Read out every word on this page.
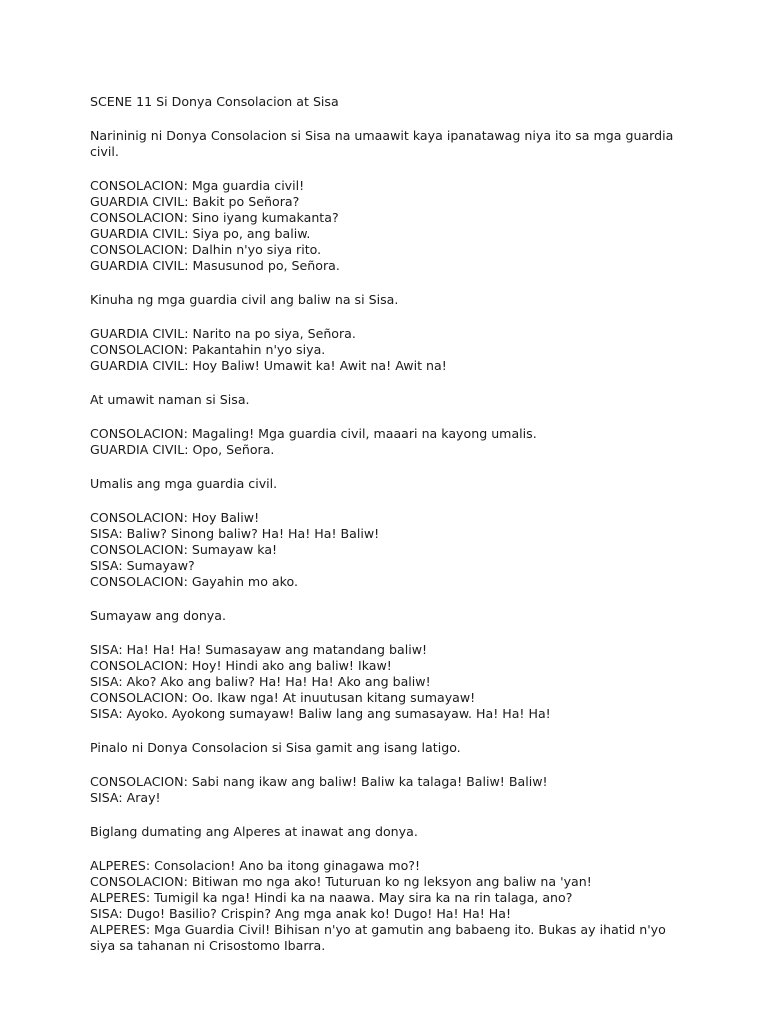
SCENE 11 Si Donya Consolacion at Sisa
Narininig ni Donya Consolacion si Sisa na umaawit kaya ipanatawag niya ito sa mga guardia
civil.
CONSOLACION: Mga guardia civil!
GUARDIA CIVIL: Bakit po Señora?
CONSOLACION: Sino iyang kumakanta?
GUARDIA CIVIL: Siya po, ang baliw.
CONSOLACION: Dalhin n'yo siya rito.
GUARDIA CIVIL: Masusunod po, Señora.
Kinuha ng mga guardia civil ang baliw na si Sisa.
GUARDIA CIVIL: Narito na po siya, Señora.
CONSOLACION: Pakantahin n'yo siya.
GUARDIA CIVIL: Hoy Baliw! Umawit ka! Awit na! Awit na!
At umawit naman si Sisa.
CONSOLACION: Magaling! Mga guardia civil, maaari na kayong umalis.
GUARDIA CIVIL: Opo, Señora.
Umalis ang mga guardia civil.
CONSOLACION: Hoy Baliw!
SISA: Baliw? Sinong baliw? Ha! Ha! Ha! Baliw!
CONSOLACION: Sumayaw ka!
SISA: Sumayaw?
CONSOLACION: Gayahin mo ako.
Sumayaw ang donya.
SISA: Ha! Ha! Ha! Sumasayaw ang matandang baliw!
CONSOLACION: Hoy! Hindi ako ang baliw! Ikaw!
SISA: Ako? Ako ang baliw? Ha! Ha! Ha! Ako ang baliw!
CONSOLACION: Oo. Ikaw nga! At inuutusan kitang sumayaw!
SISA: Ayoko. Ayokong sumayaw! Baliw lang ang sumasayaw. Ha! Ha! Ha!
Pinalo ni Donya Consolacion si Sisa gamit ang isang latigo.
CONSOLACION: Sabi nang ikaw ang baliw! Baliw ka talaga! Baliw! Baliw!
SISA: Aray!
Biglang dumating ang Alperes at inawat ang donya.
ALPERES: Consolacion! Ano ba itong ginagawa mo?!
CONSOLACION: Bitiwan mo nga ako! Tuturuan ko ng leksyon ang baliw na 'yan!
ALPERES: Tumigil ka nga! Hindi ka na naawa. May sira ka na rin talaga, ano?
SISA: Dugo! Basilio? Crispin? Ang mga anak ko! Dugo! Ha! Ha! Ha!
ALPERES: Mga Guardia Civil! Bihisan n'yo at gamutin ang babaeng ito. Bukas ay ihatid n'yo
siya sa tahanan ni Crisostomo Ibarra.
